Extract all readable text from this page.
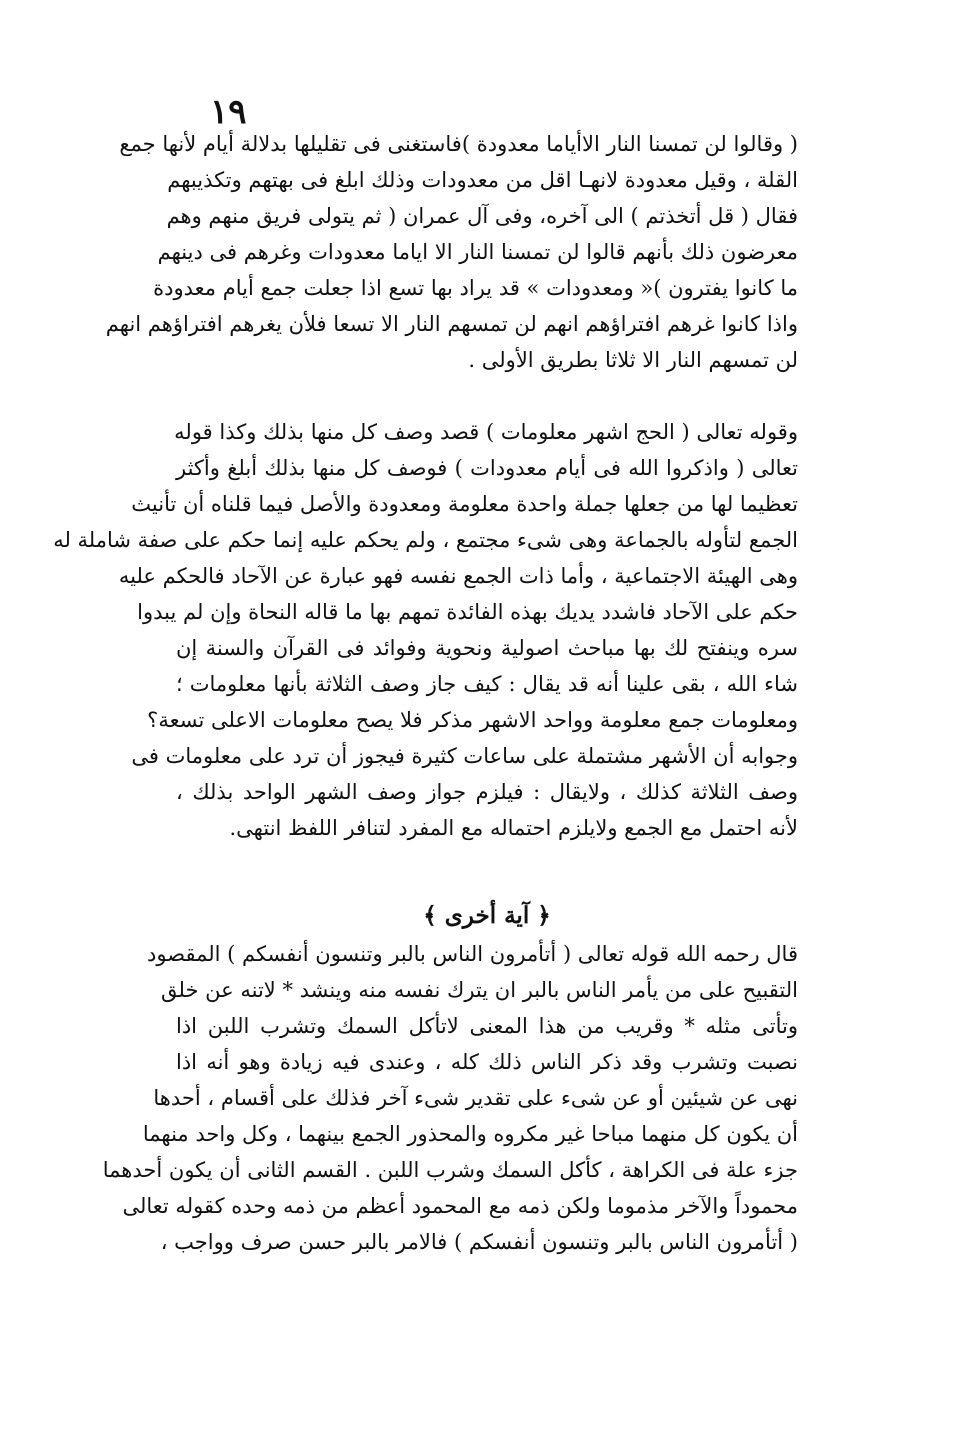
١٩
( وقالوا لن تمسنا النار الاأياما معدودة )فاستغنى فى تقليلها بدلالة أيام لأنها جمع
القلة ، وقيل معدودة لانهـا اقل من معدودات وذلك ابلغ فى بهتهم وتكذيبهم
فقال ( قل أتخذتم ) الى آخره، وفى آل عمران ( ثم يتولى فريق منهم وهم
معرضون ذلك بأنهم قالوا لن تمسنا النار الا اياما معدودات وغرهم فى دينهم
ما كانوا يفترون )« ومعدودات » قد يراد بها تسع اذا جعلت جمع أيام معدودة
واذا كانوا غرهم افتراؤهم انهم لن تمسهم النار الا تسعا فلأن يغرهم افتراؤهم انهم
لن تمسهم النار الا ثلاثا بطريق الأولى .
وقوله تعالى ( الحج اشهر معلومات ) قصد وصف كل منها بذلك وكذا قوله
تعالى ( واذكروا الله فى أيام معدودات ) فوصف كل منها بذلك أبلغ وأكثر
تعظيما لها من جعلها جملة واحدة معلومة ومعدودة والأصل فيما قلناه أن تأنيث
الجمع لتأوله بالجماعة وهى شىء مجتمع ، ولم يحكم عليه إنما حكم على صفة شاملة له
وهى الهيئة الاجتماعية ، وأما ذات الجمع نفسه فهو عبارة عن الآحاد فالحكم عليه
حكم على الآحاد فاشدد يديك بهذه الفائدة تمهم بها ما قاله النحاة وإن لم يبدوا
سره وينفتح لك بها مباحث اصولية ونحوية وفوائد فى القرآن والسنة إن
شاء الله ، بقى علينا أنه قد يقال : كيف جاز وصف الثلاثة بأنها معلومات ؛
ومعلومات جمع معلومة وواحد الاشهر مذكر فلا يصح معلومات الاعلى تسعة؟
وجوابه أن الأشهر مشتملة على ساعات كثيرة فيجوز أن ترد على معلومات فى
وصف الثلاثة كذلك ، ولايقال : فيلزم جواز وصف الشهر الواحد بذلك ،
لأنه احتمل مع الجمع ولايلزم احتماله مع المفرد لتنافر اللفظ انتهى.
﴿ آية أخرى ﴾
قال رحمه الله قوله تعالى ( أتأمرون الناس بالبر وتنسون أنفسكم ) المقصود
التقبيح على من يأمر الناس بالبر ان يترك نفسه منه وينشد * لاتنه عن خلق
وتأتى مثله * وقريب من هذا المعنى لاتأكل السمك وتشرب اللبن اذا
نصبت وتشرب وقد ذكر الناس ذلك كله ، وعندى فيه زيادة وهو أنه اذا
نهى عن شيئين أو عن شىء على تقدير شىء آخر فذلك على أقسام ، أحدها
أن يكون كل منهما مباحا غير مكروه والمحذور الجمع بينهما ، وكل واحد منهما
جزء علة فى الكراهة ، كأكل السمك وشرب اللبن . القسم الثانى أن يكون أحدهما
محموداً والآخر مذموما ولكن ذمه مع المحمود أعظم من ذمه وحده كقوله تعالى
( أتأمرون الناس بالبر وتنسون أنفسكم ) فالامر بالبر حسن صرف وواجب ،
